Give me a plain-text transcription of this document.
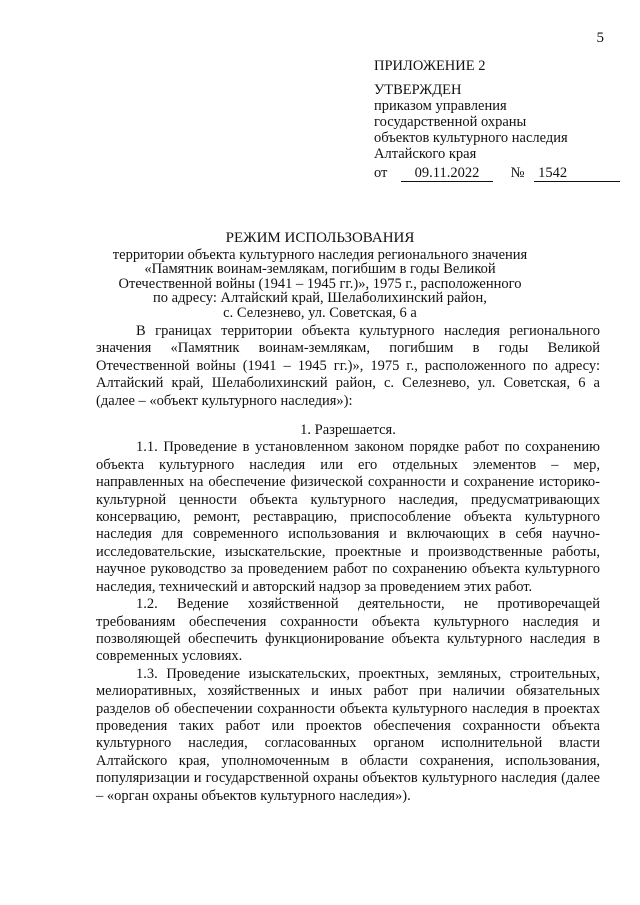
5
ПРИЛОЖЕНИЕ 2
УТВЕРЖДЕН
приказом управления
государственной охраны
объектов культурного наследия
Алтайского края
от 09.11.2022 № 1542
РЕЖИМ ИСПОЛЬЗОВАНИЯ
территории объекта культурного наследия регионального значения
«Памятник воинам-землякам, погибшим в годы Великой
Отечественной войны (1941 – 1945 гг.)», 1975 г., расположенного
по адресу: Алтайский край, Шелаболихинский район,
с. Селезнево, ул. Советская, 6 а

В границах территории объекта культурного наследия регионального значения «Памятник воинам-землякам, погибшим в годы Великой Отечественной войны (1941 – 1945 гг.)», 1975 г., расположенного по адресу: Алтайский край, Шелаболихинский район, с. Селезнево, ул. Советская, 6 а (далее – «объект культурного наследия»):

1. Разрешается.

1.1. Проведение в установленном законом порядке работ по сохранению объекта культурного наследия или его отдельных элементов – мер, направленных на обеспечение физической сохранности и сохранение историко-культурной ценности объекта культурного наследия, предусматривающих консервацию, ремонт, реставрацию, приспособление объекта культурного наследия для современного использования и включающих в себя научно-исследовательские, изыскательские, проектные и производственные работы, научное руководство за проведением работ по сохранению объекта культурного наследия, технический и авторский надзор за проведением этих работ.

1.2. Ведение хозяйственной деятельности, не противоречащей требованиям обеспечения сохранности объекта культурного наследия и позволяющей обеспечить функционирование объекта культурного наследия в современных условиях.

1.3. Проведение изыскательских, проектных, земляных, строительных, мелиоративных, хозяйственных и иных работ при наличии обязательных разделов об обеспечении сохранности объекта культурного наследия в проектах проведения таких работ или проектов обеспечения сохранности объекта культурного наследия, согласованных органом исполнительной власти Алтайского края, уполномоченным в области сохранения, использования, популяризации и государственной охраны объектов культурного наследия (далее – «орган охраны объектов культурного наследия»).
